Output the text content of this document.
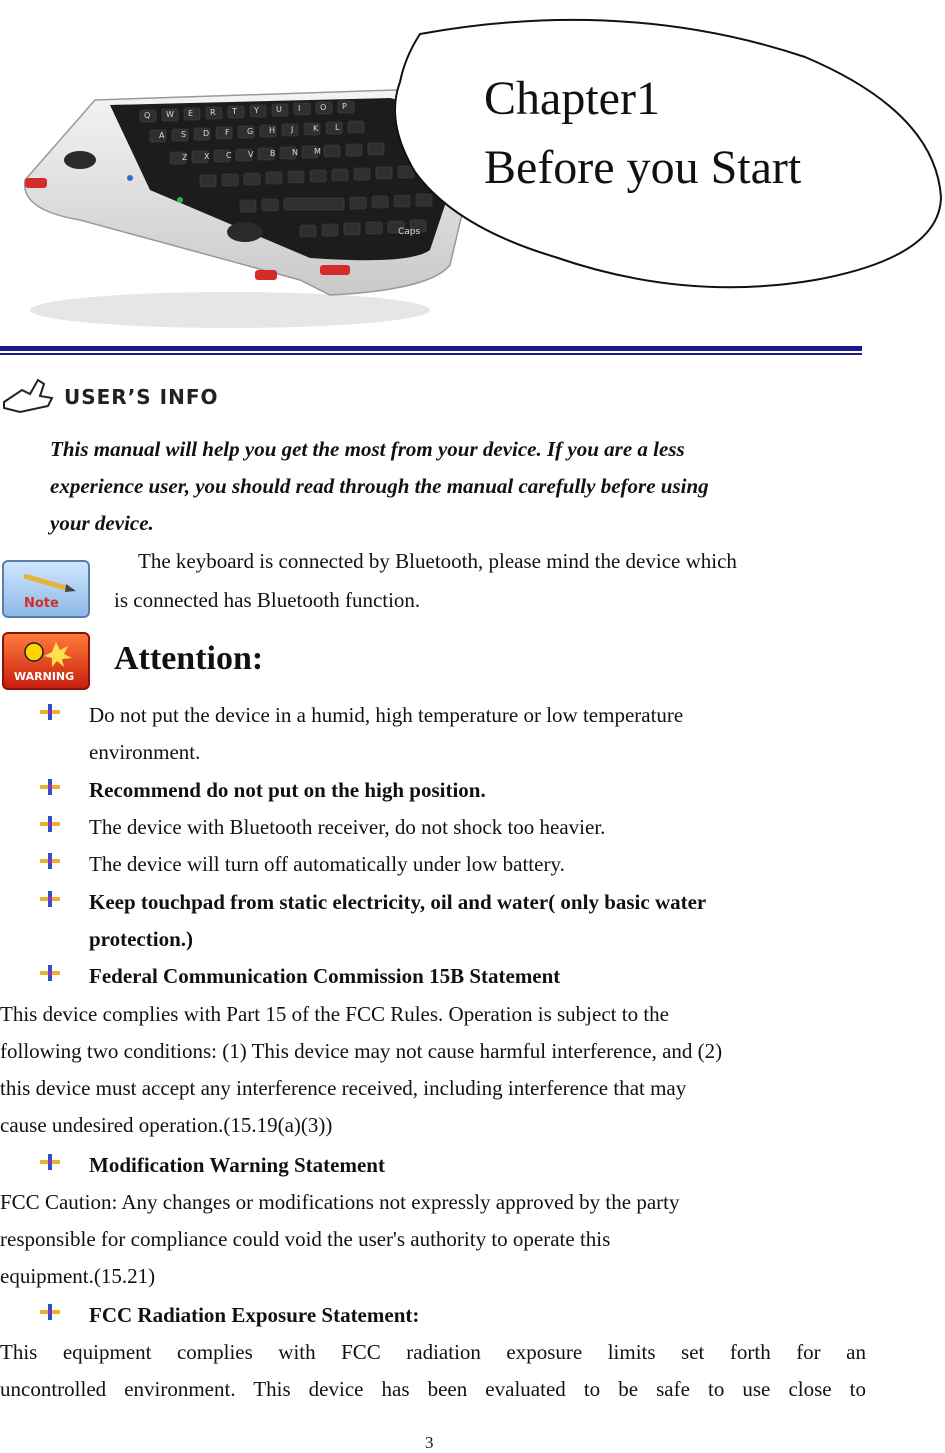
Caps
Q W E R T Y U I O P
A S D F G H J K L
Z X C V B N M
Chapter1
Before you Start
USER’S INFO
This manual will help you get the most from your device. If you are a less
experience user, you should read through the manual carefully before using
your device.
Note
The keyboard is connected by Bluetooth, please mind the device which
is connected has Bluetooth function.
WARNING Attention:
Do not put the device in a humid, high temperature or low temperature
environment.
Recommend do not put on the high position.
The device with Bluetooth receiver, do not shock too heavier.
The device will turn off automatically under low battery.
Keep touchpad from static electricity, oil and water( only basic water
protection.)
Federal Communication Commission 15B Statement
This device complies with Part 15 of the FCC Rules. Operation is subject to the
following two conditions: (1) This device may not cause harmful interference, and (2)
this device must accept any interference received, including interference that may
cause undesired operation.(15.19(a)(3))
Modification Warning Statement
FCC Caution: Any changes or modifications not expressly approved by the party
responsible for compliance could void the user's authority to operate this
equipment.(15.21)
FCC Radiation Exposure Statement:
This equipment complies with FCC radiation exposure limits set forth for an
uncontrolled environment. This device has been evaluated to be safe to use close to
3
